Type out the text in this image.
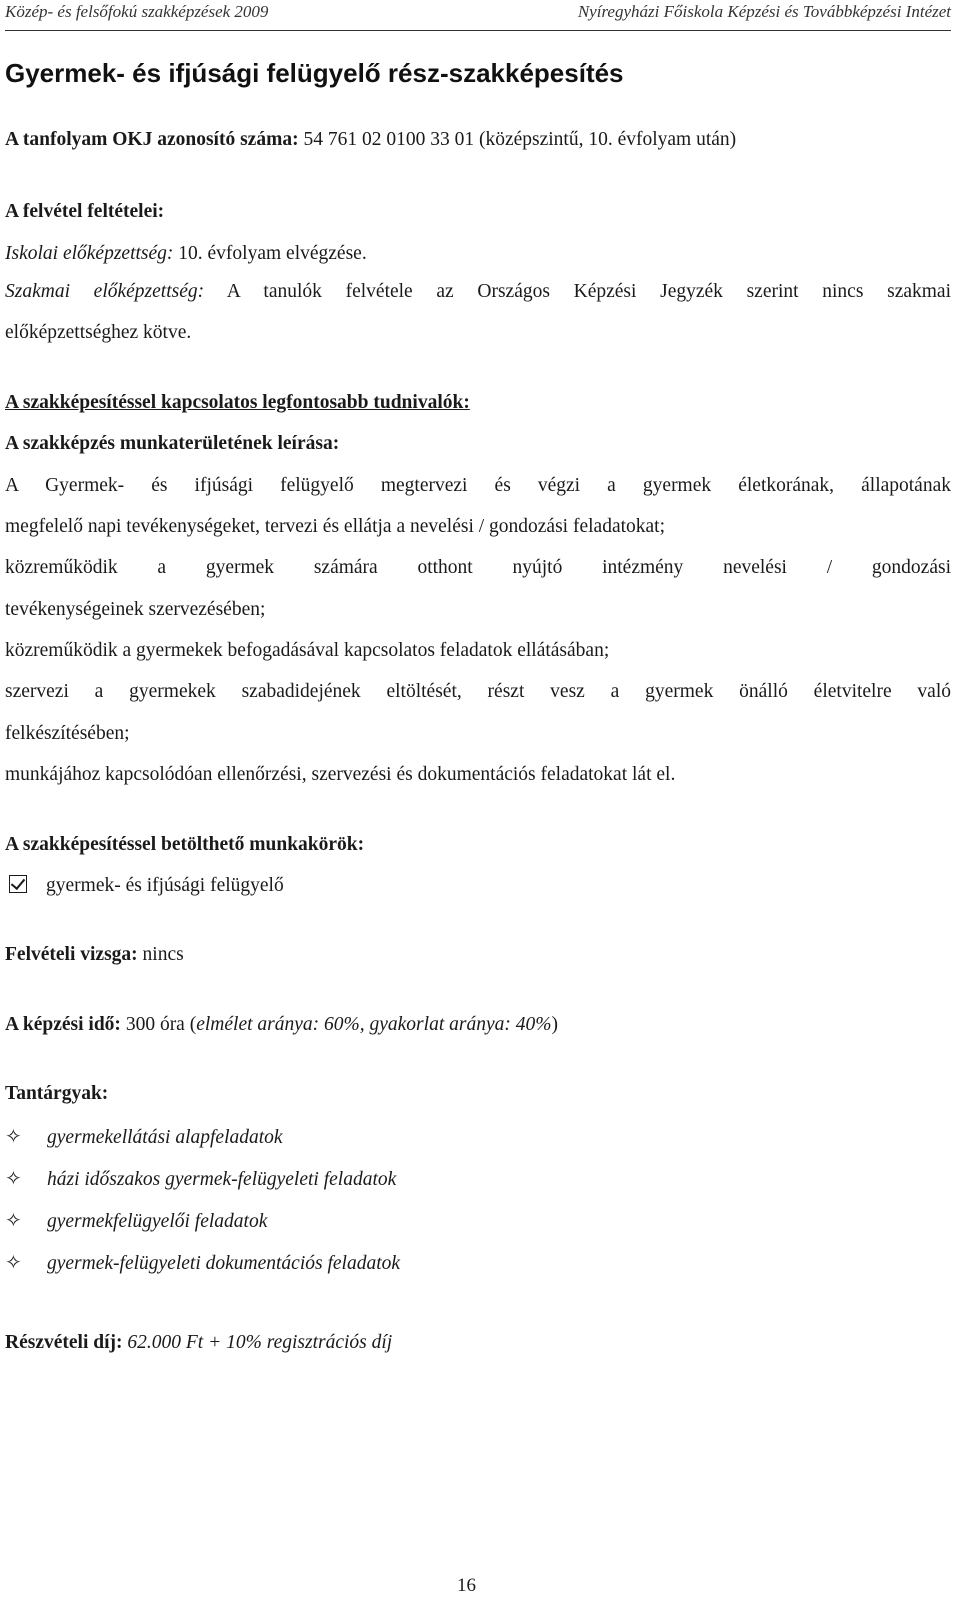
Közép- és felsőfokú szakképzések 2009	Nyíregyházi Főiskola Képzési és Továbbképzési Intézet
Gyermek- és ifjúsági felügyelő rész-szakképesítés
A tanfolyam OKJ azonosító száma: 54 761 02 0100 33 01 (középszintű, 10. évfolyam után)
A felvétel feltételei:
Iskolai előképzettség: 10. évfolyam elvégzése.
Szakmai előképzettség: A tanulók felvétele az Országos Képzési Jegyzék szerint nincs szakmai
előképzettséghez kötve.
A szakképesítéssel kapcsolatos legfontosabb tudnivalók:
A szakképzés munkaterületének leírása:
A Gyermek- és ifjúsági felügyelő megtervezi és végzi a gyermek életkorának, állapotának
megfelelő napi tevékenységeket, tervezi és ellátja a nevelési / gondozási feladatokat;
közreműködik a gyermek számára otthont nyújtó intézmény nevelési / gondozási
tevékenységeinek szervezésében;
közreműködik a gyermekek befogadásával kapcsolatos feladatok ellátásában;
szervezi a gyermekek szabadidejének eltöltését, részt vesz a gyermek önálló életvitelre való
felkészítésében;
munkájához kapcsolódóan ellenőrzési, szervezési és dokumentációs feladatokat lát el.
A szakképesítéssel betölthető munkakörök:
gyermek- és ifjúsági felügyelő
Felvételi vizsga: nincs
A képzési idő: 300 óra (elmélet aránya: 60%, gyakorlat aránya: 40%)
Tantárgyak:
✧ gyermekellátási alapfeladatok
✧ házi időszakos gyermek-felügyeleti feladatok
✧ gyermekfelügyelői feladatok
✧ gyermek-felügyeleti dokumentációs feladatok
Részvételi díj: 62.000 Ft + 10% regisztrációs díj
16
